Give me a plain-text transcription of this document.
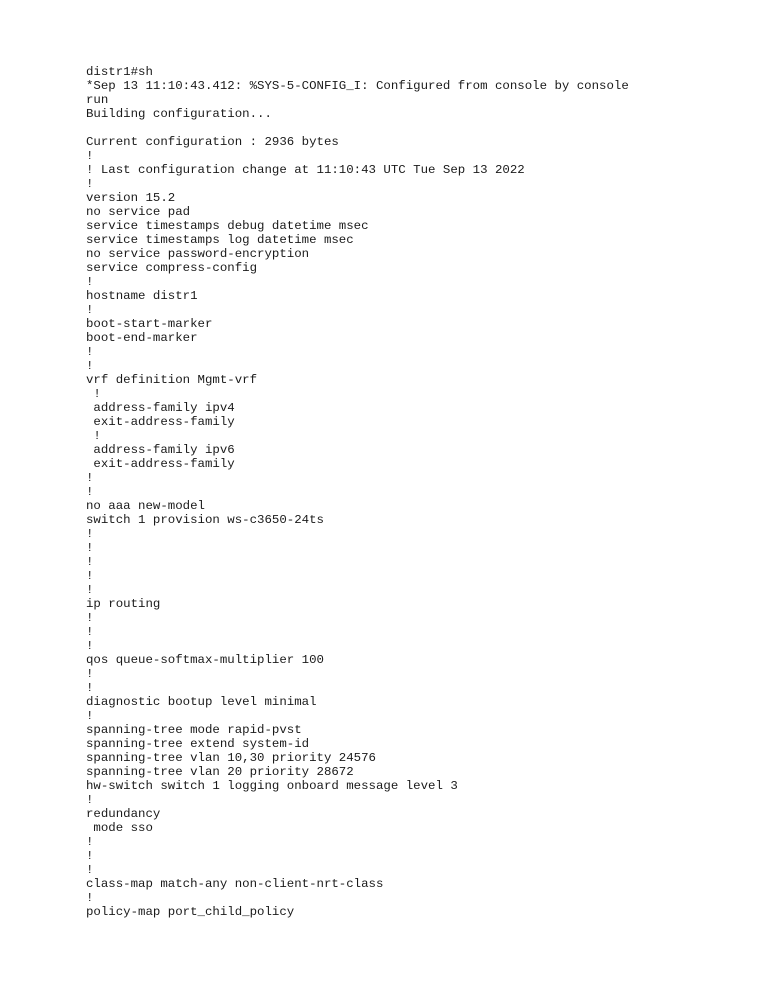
distr1#sh
*Sep 13 11:10:43.412: %SYS-5-CONFIG_I: Configured from console by console
run
Building configuration...
Current configuration : 2936 bytes
!
! Last configuration change at 11:10:43 UTC Tue Sep 13 2022
!
version 15.2
no service pad
service timestamps debug datetime msec
service timestamps log datetime msec
no service password-encryption
service compress-config
!
hostname distr1
!
boot-start-marker
boot-end-marker
!
!
vrf definition Mgmt-vrf
!
address-family ipv4
exit-address-family
!
address-family ipv6
exit-address-family
!
!
no aaa new-model
switch 1 provision ws-c3650-24ts
!
!
!
!
!
ip routing
!
!
!
qos queue-softmax-multiplier 100
!
!
diagnostic bootup level minimal
!
spanning-tree mode rapid-pvst
spanning-tree extend system-id
spanning-tree vlan 10,30 priority 24576
spanning-tree vlan 20 priority 28672
hw-switch switch 1 logging onboard message level 3
!
redundancy
mode sso
!
!
!
class-map match-any non-client-nrt-class
!
policy-map port_child_policy
